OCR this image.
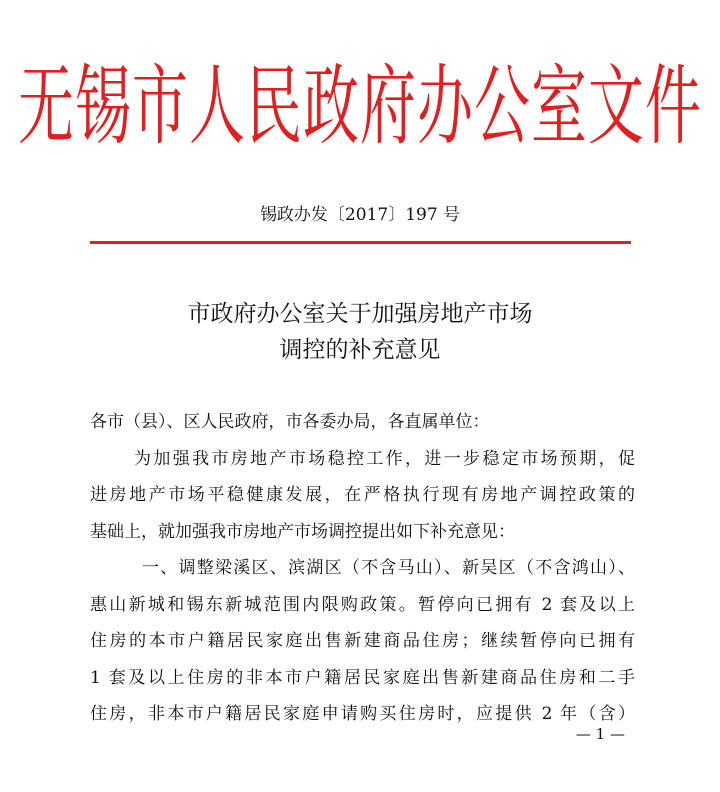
无锡市人民政府办公室文件
锡政办发〔2017〕197 号
市政府办公室关于加强房地产市场
调控的补充意见
各市（县）、区人民政府，市各委办局，各直属单位：
为加强我市房地产市场稳控工作，进一步稳定市场预期，促
进房地产市场平稳健康发展，在严格执行现有房地产调控政策的
基础上，就加强我市房地产市场调控提出如下补充意见：
一、调整梁溪区、滨湖区（不含马山）、新吴区（不含鸿山）、
惠山新城和锡东新城范围内限购政策。暂停向已拥有 2 套及以上
住房的本市户籍居民家庭出售新建商品住房；继续暂停向已拥有
1 套及以上住房的非本市户籍居民家庭出售新建商品住房和二手
住房，非本市户籍居民家庭申请购买住房时，应提供 2 年（含）
— 1 —
